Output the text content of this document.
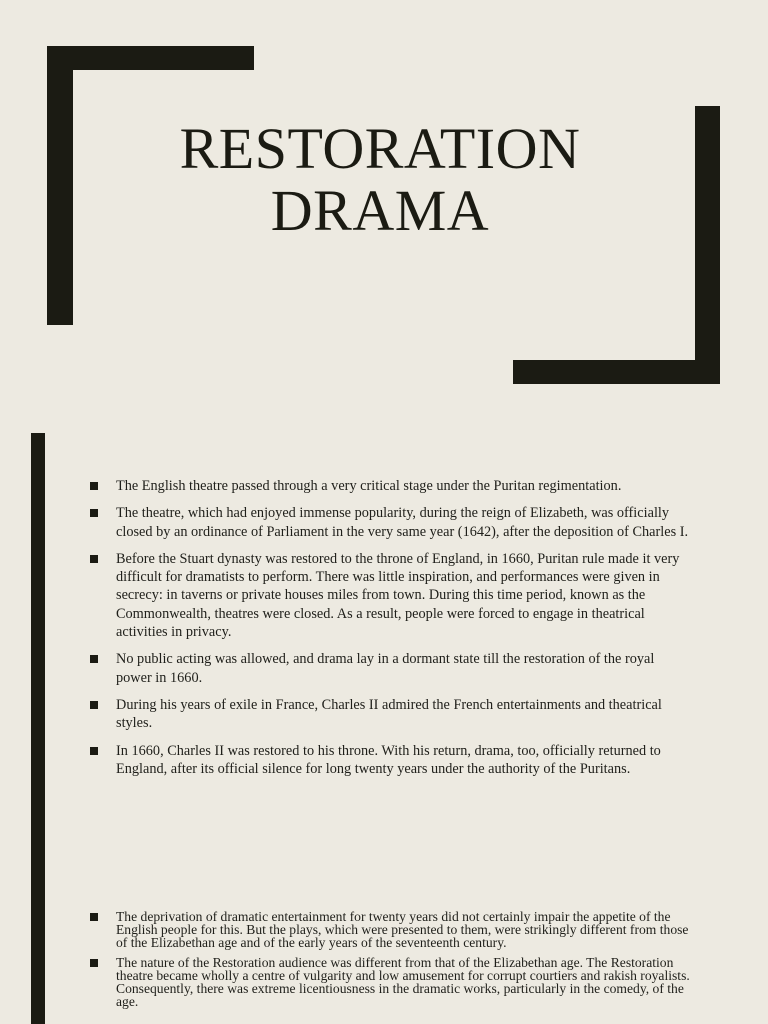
RESTORATION
DRAMA
The English theatre passed through a very critical stage under the Puritan regimentation.
The theatre, which had enjoyed immense popularity, during the reign of Elizabeth, was officially closed by an ordinance of Parliament in the very same year (1642), after the deposition of Charles I.
Before the Stuart dynasty was restored to the throne of England, in 1660, Puritan rule made it very difficult for dramatists to perform. There was little inspiration, and performances were given in secrecy: in taverns or private houses miles from town. During this time period, known as the Commonwealth, theatres were closed. As a result, people were forced to engage in theatrical activities in privacy.
No public acting was allowed, and drama lay in a dormant state till the restoration of the royal power in 1660.
During his years of exile in France, Charles II admired the French entertainments and theatrical styles.
In 1660, Charles II was restored to his throne. With his return, drama, too, officially returned to England, after its official silence for long twenty years under the authority of the Puritans.
The deprivation of dramatic entertainment for twenty years did not certainly impair the appetite of the English people for this. But the plays, which were presented to them, were strikingly different from those of the Elizabethan age and of the early years of the seventeenth century.
The nature of the Restoration audience was different from that of the Elizabethan age. The Restoration theatre became wholly a centre of vulgarity and low amusement for corrupt courtiers and rakish royalists. Consequently, there was extreme licentiousness in the dramatic works, particularly in the comedy, of the age.
